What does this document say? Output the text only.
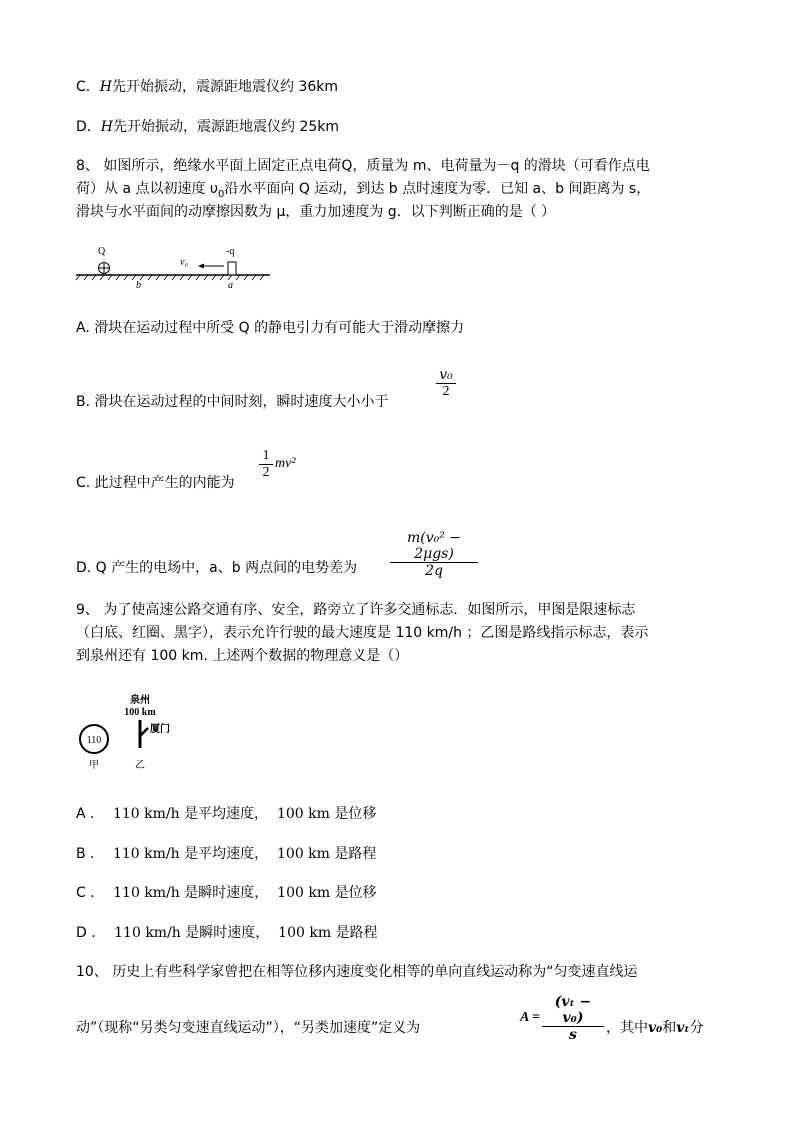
C．H先开始振动，震源距地震仪约 36km
D．H先开始振动，震源距地震仪约 25km
8、 如图所示，绝缘水平面上固定正点电荷Q，质量为 m、电荷量为－q 的滑块（可看作点电
荷）从 a 点以初速度 $\upsilon_0$沿水平面向 Q 运动，到达 b 点时速度为零．已知 a、b 间距离为 s，
滑块与水平面间的动摩擦因数为 μ，重力加速度为 g．以下判断正确的是（ ）
Q	-q
v₀
b	a
A. 滑块在运动过程中所受 Q 的静电引力有可能大于滑动摩擦力
B. 滑块在运动过程的中间时刻，瞬时速度大小小于
v₀
2
C. 此过程中产生的内能为
1
2
mv²
D. Q 产生的电场中，a、b 两点间的电势差为
m(v₀² − 2μgs)
2q
9、 为了使高速公路交通有序、安全，路旁立了许多交通标志．如图所示，甲图是限速标志
（白底、红圈、黑字），表示允许行驶的最大速度是 110 km/h ；乙图是路线指示标志，表示
到泉州还有 100 km. 上述两个数据的物理意义是（）
110
甲
泉州
100 km
厦门
乙
A ． 110 km/h 是平均速度， 100 km 是位移
B ． 110 km/h 是平均速度， 100 km 是路程
C ． 110 km/h 是瞬时速度， 100 km 是位移
D ． 110 km/h 是瞬时速度， 100 km 是路程
10、 历史上有些科学家曾把在相等位移内速度变化相等的单向直线运动称为“匀变速直线运
动”（现称“另类匀变速直线运动”），“另类加速度”定义为
A =
(vₜ − v₀)
s	，其中v₀和vₜ分
